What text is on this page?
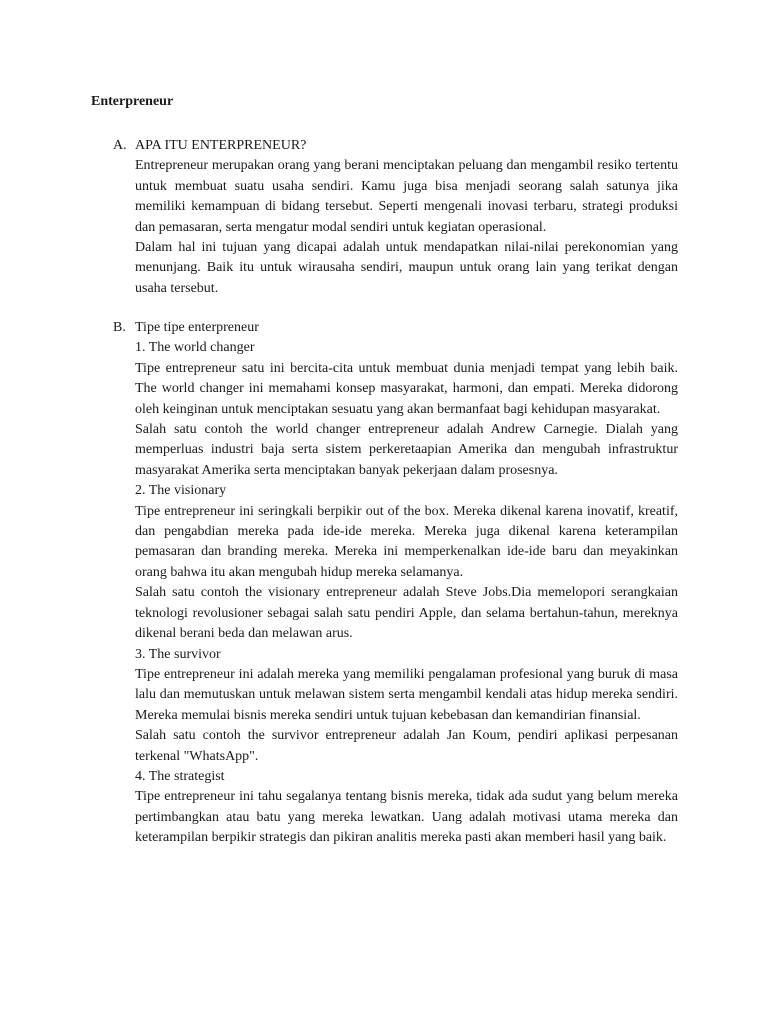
Enterpreneur
A. APA ITU ENTERPRENEUR?

Entrepreneur merupakan orang yang berani menciptakan peluang dan mengambil resiko tertentu untuk membuat suatu usaha sendiri. Kamu juga bisa menjadi seorang salah satunya jika memiliki kemampuan di bidang tersebut. Seperti mengenali inovasi terbaru, strategi produksi dan pemasaran, serta mengatur modal sendiri untuk kegiatan operasional.

Dalam hal ini tujuan yang dicapai adalah untuk mendapatkan nilai-nilai perekonomian yang menunjang. Baik itu untuk wirausaha sendiri, maupun untuk orang lain yang terikat dengan usaha tersebut.

B. Tipe tipe enterpreneur

1. The world changer

Tipe entrepreneur satu ini bercita-cita untuk membuat dunia menjadi tempat yang lebih baik. The world changer ini memahami konsep masyarakat, harmoni, dan empati. Mereka didorong oleh keinginan untuk menciptakan sesuatu yang akan bermanfaat bagi kehidupan masyarakat.

Salah satu contoh the world changer entrepreneur adalah Andrew Carnegie. Dialah yang memperluas industri baja serta sistem perkeretaapian Amerika dan mengubah infrastruktur masyarakat Amerika serta menciptakan banyak pekerjaan dalam prosesnya.

2. The visionary

Tipe entrepreneur ini seringkali berpikir out of the box. Mereka dikenal karena inovatif, kreatif, dan pengabdian mereka pada ide-ide mereka. Mereka juga dikenal karena keterampilan pemasaran dan branding mereka. Mereka ini memperkenalkan ide-ide baru dan meyakinkan orang bahwa itu akan mengubah hidup mereka selamanya.

Salah satu contoh the visionary entrepreneur adalah Steve Jobs.Dia memelopori serangkaian teknologi revolusioner sebagai salah satu pendiri Apple, dan selama bertahun-tahun, mereknya dikenal berani beda dan melawan arus.

3. The survivor

Tipe entrepreneur ini adalah mereka yang memiliki pengalaman profesional yang buruk di masa lalu dan memutuskan untuk melawan sistem serta mengambil kendali atas hidup mereka sendiri. Mereka memulai bisnis mereka sendiri untuk tujuan kebebasan dan kemandirian finansial.

Salah satu contoh the survivor entrepreneur adalah Jan Koum, pendiri aplikasi perpesanan terkenal "WhatsApp".

4. The strategist

Tipe entrepreneur ini tahu segalanya tentang bisnis mereka, tidak ada sudut yang belum mereka pertimbangkan atau batu yang mereka lewatkan. Uang adalah motivasi utama mereka dan keterampilan berpikir strategis dan pikiran analitis mereka pasti akan memberi hasil yang baik.
